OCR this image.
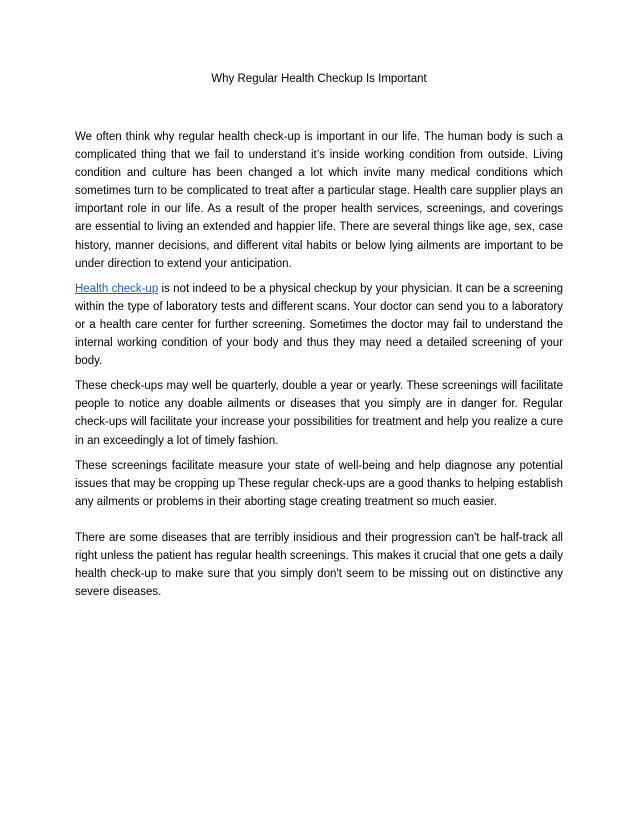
Why Regular Health Checkup Is Important

We often think why regular health check-up is important in our life. The human body is such a complicated thing that we fail to understand it’s inside working condition from outside. Living condition and culture has been changed a lot which invite many medical conditions which sometimes turn to be complicated to treat after a particular stage. Health care supplier plays an important role in our life. As a result of the proper health services, screenings, and coverings are essential to living an extended and happier life. There are several things like age, sex, case history, manner decisions, and different vital habits or below lying ailments are important to be under direction to extend your anticipation.

Health check-up is not indeed to be a physical checkup by your physician. It can be a screening within the type of laboratory tests and different scans. Your doctor can send you to a laboratory or a health care center for further screening. Sometimes the doctor may fail to understand the internal working condition of your body and thus they may need a detailed screening of your body.

These check-ups may well be quarterly, double a year or yearly. These screenings will facilitate people to notice any doable ailments or diseases that you simply are in danger for. Regular check-ups will facilitate your increase your possibilities for treatment and help you realize a cure in an exceedingly a lot of timely fashion.

These screenings facilitate measure your state of well-being and help diagnose any potential issues that may be cropping up These regular check-ups are a good thanks to helping establish any ailments or problems in their aborting stage creating treatment so much easier.

There are some diseases that are terribly insidious and their progression can't be half-track all right unless the patient has regular health screenings. This makes it crucial that one gets a daily health check-up to make sure that you simply don't seem to be missing out on distinctive any severe diseases.
